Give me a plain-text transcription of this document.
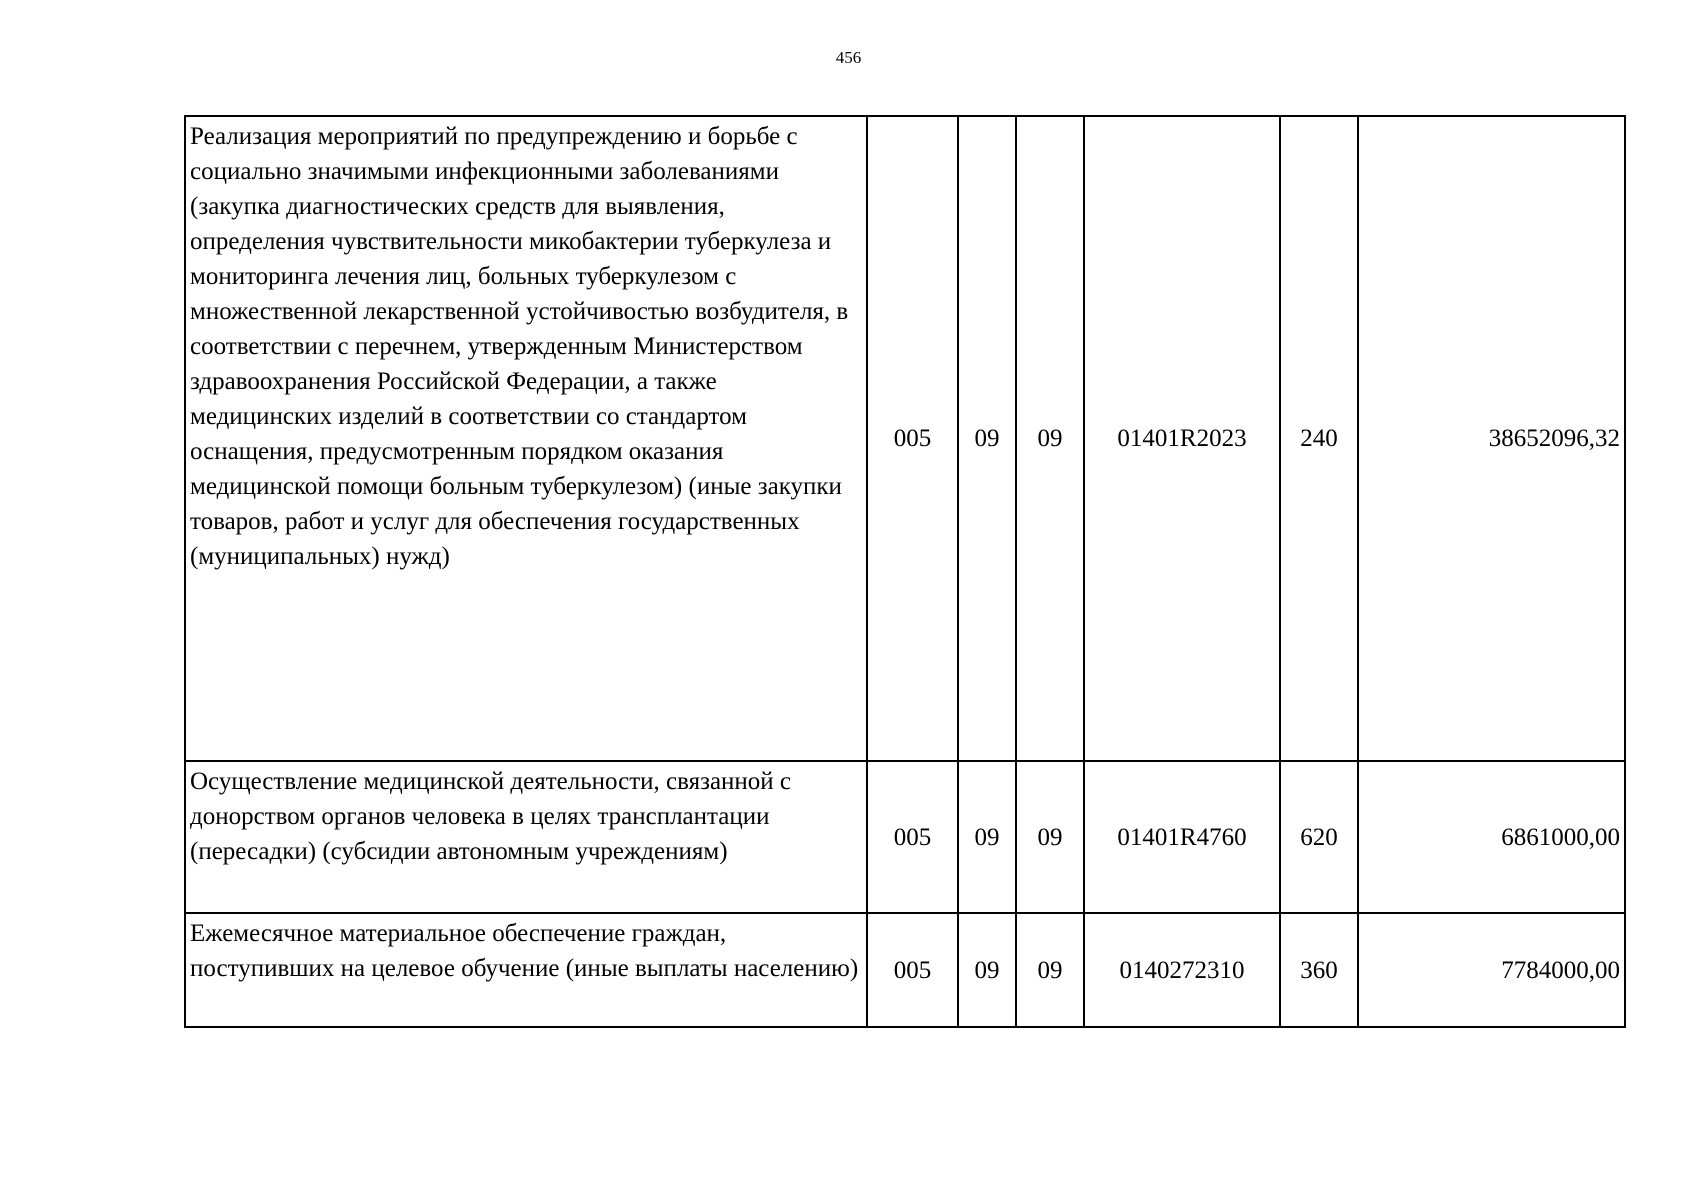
456
Реализация мероприятий по предупреждению и борьбе с социально значимыми инфекционными заболеваниями (закупка диагностических средств для выявления, определения чувствительности микобактерии туберкулеза и мониторинга лечения лиц, больных туберкулезом с множественной лекарственной устойчивостью возбудителя, в соответствии с перечнем, утвержденным Министерством здравоохранения Российской Федерации, а также медицинских изделий в соответствии со стандартом оснащения, предусмотренным порядком оказания медицинской помощи больным туберкулезом) (иные закупки товаров, работ и услуг для обеспечения государственных (муниципальных) нужд)	005	09	09	01401R2023	240	38652096,32
Осуществление медицинской деятельности, связанной с донорством органов человека в целях трансплантации (пересадки) (субсидии автономным учреждениям)	005	09	09	01401R4760	620	6861000,00
Ежемесячное материальное обеспечение граждан, поступивших на целевое обучение (иные выплаты населению)	005	09	09	0140272310	360	7784000,00
